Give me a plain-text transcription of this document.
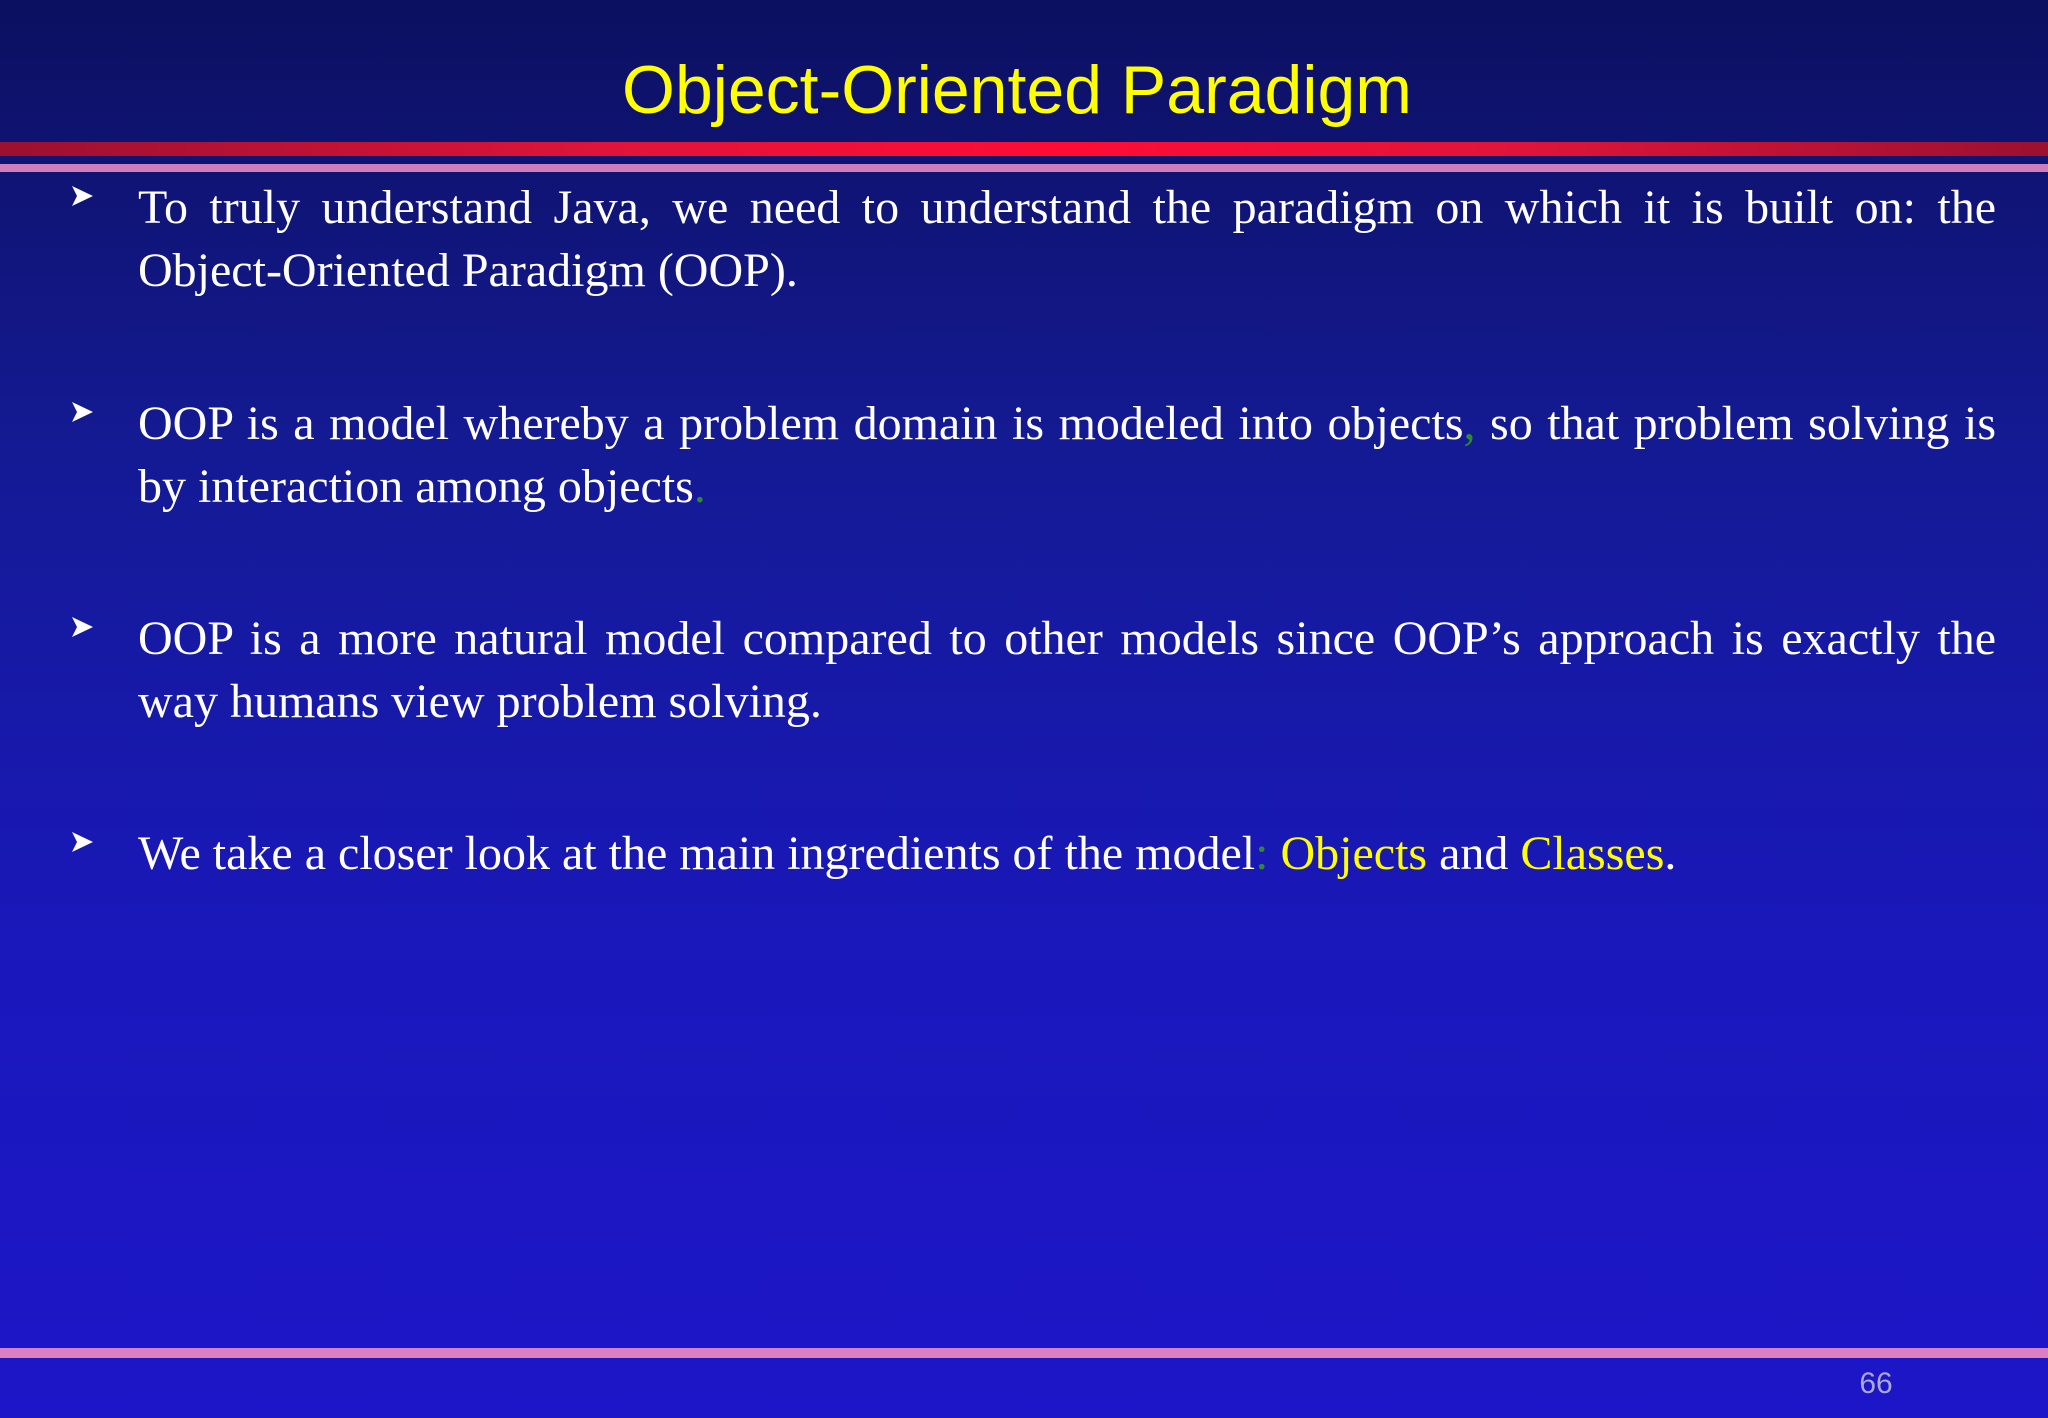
Object-Oriented Paradigm

To truly understand Java, we need to understand the paradigm on which it is built on: the Object-Oriented Paradigm (OOP).

OOP is a model whereby a problem domain is modeled into objects, so that problem solving is by interaction among objects.

OOP is a more natural model compared to other models since OOP’s approach is exactly the way humans view problem solving.

We take a closer look at the main ingredients of the model: Objects and Classes.

66
